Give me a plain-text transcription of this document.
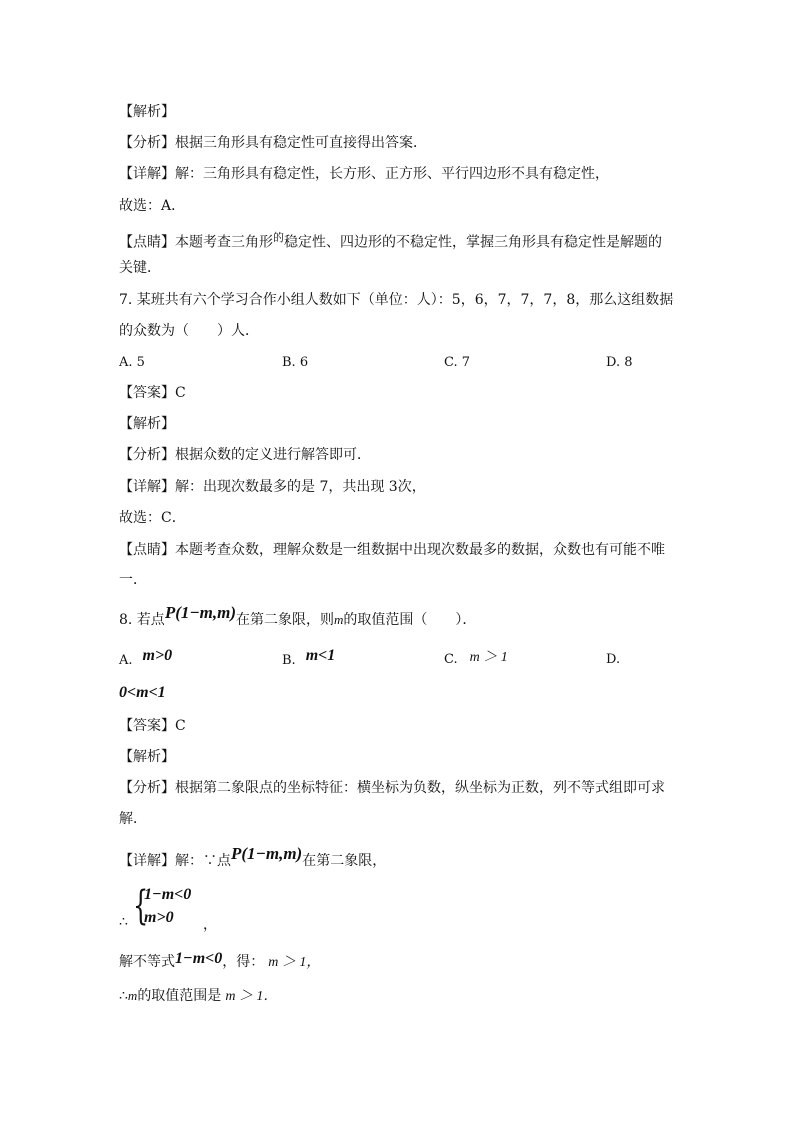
【解析】
【分析】根据三角形具有稳定性可直接得出答案．
【详解】解：三角形具有稳定性，长方形、正方形、平行四边形不具有稳定性，
故选：A．
【点睛】本题考查三角形$^的$稳定性、四边形的不稳定性，掌握三角形具有稳定性是解题的
关键．
7. 某班共有六个学习合作小组人数如下（单位：人）：5，6，7，7，7，8，那么这组数据
的众数为（　　）人．
A. 5	B. 6	C. 7	D. 8
【答案】C
【解析】
【分析】根据众数的定义进行解答即可．
【详解】解：出现次数最多的是 7，共出现 3次，
故选：C．
【点睛】本题考查众数，理解众数是一组数据中出现次数最多的数据，众数也有可能不唯
一．
8. 若点P(1−m,m)在第二象限，则m的取值范围（　　）．
A. m>0	B. m<1	C. m ＞ 1	D.
0<m<1
【答案】C
【解析】
【分析】根据第二象限点的坐标特征：横坐标为负数，纵坐标为正数，列不等式组即可求
解．
【详解】解：∵点P(1−m,m)在第二象限，
∴ {
1−m<0
m>0 ，
解不等式1−m<0，得： m ＞ 1，
∴m的取值范围是 m ＞ 1．
